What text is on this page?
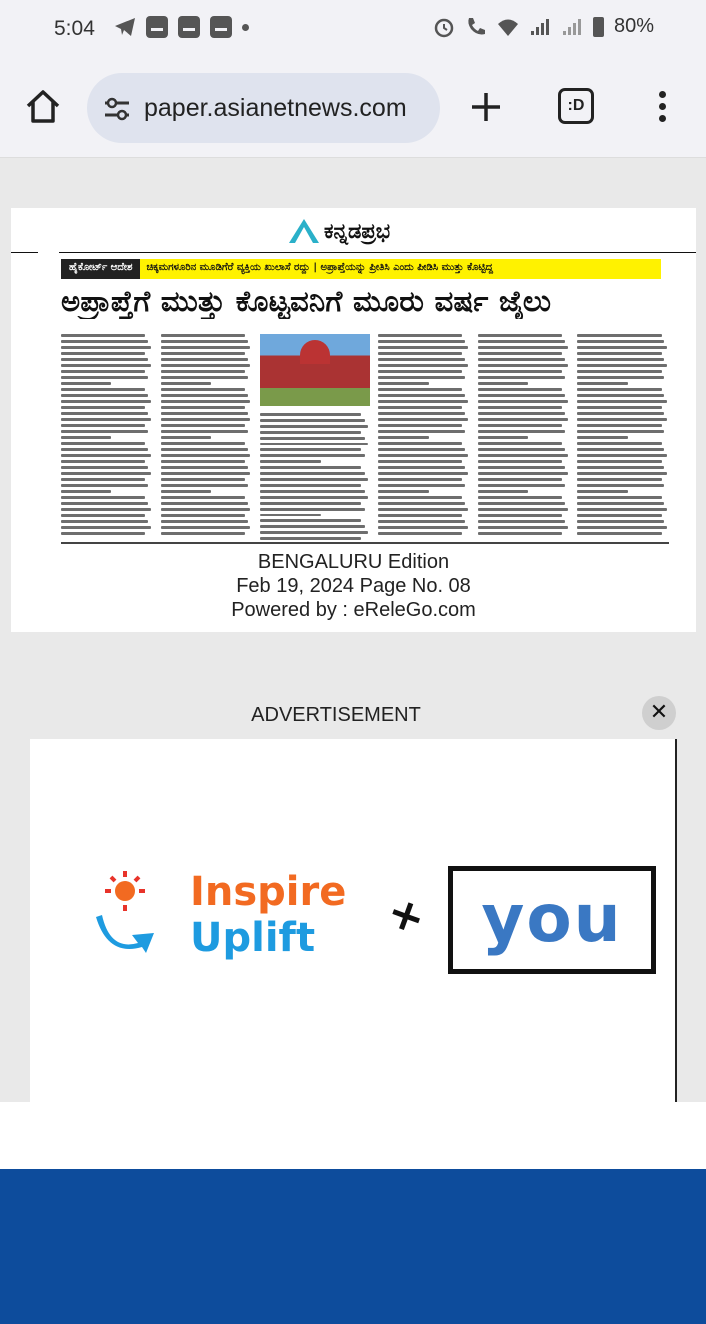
5:04	80%
paper.asianetnews.com	:D
ಕನ್ನಡಪ್ರಭ
ಹೈಕೋರ್ಟ್ ಆದೇಶ	ಚಿಕ್ಕಮಗಳೂರಿನ ಮೂಡಿಗೆರೆ ವ್ಯಕ್ತಿಯ ಖುಲಾಸೆ ರದ್ದು | ಅಪ್ರಾಪ್ತೆಯನ್ನು ಪ್ರೀತಿಸಿ ಎಂದು ಪೀಡಿಸಿ ಮುತ್ತು ಕೊಟ್ಟಿದ್ದ
ಅಪ್ರಾಪ್ತೆಗೆ ಮುತ್ತು ಕೊಟ್ಟವನಿಗೆ ಮೂರು ವರ್ಷ ಜೈಲು
BENGALURU Edition
Feb 19, 2024 Page No. 08
Powered by : eReleGo.com
ADVERTISEMENT	✕
Inspire
Uplift + you
